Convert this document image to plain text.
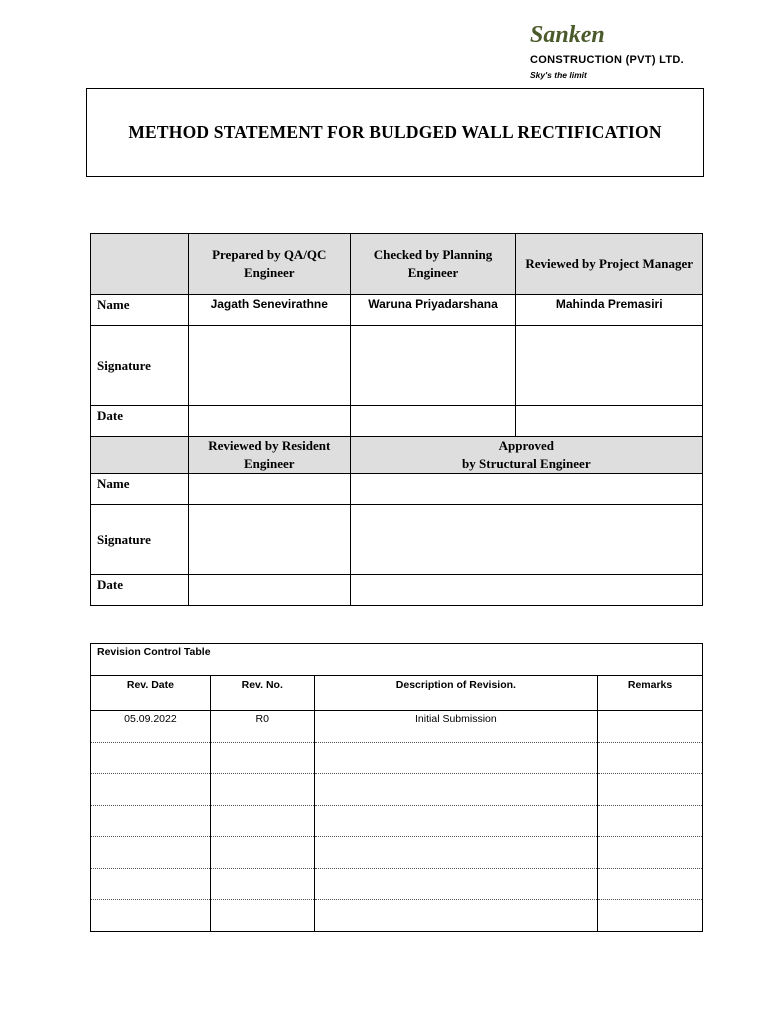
Sanken
CONSTRUCTION (PVT) LTD.
Sky's the limit
METHOD STATEMENT FOR BULDGED WALL RECTIFICATION
	Prepared by QA/QC Engineer	Checked by Planning Engineer	Reviewed by Project Manager
Name	Jagath Senevirathne	Waruna Priyadarshana	Mahinda Premasiri
Signature			
Date			
	Reviewed by Resident Engineer	Approved
by Structural Engineer	
Name			
Signature			
Date			
Revision Control Table			
Rev. Date	Rev. No.	Description of Revision.	Remarks
05.09.2022	R0	Initial Submission	
